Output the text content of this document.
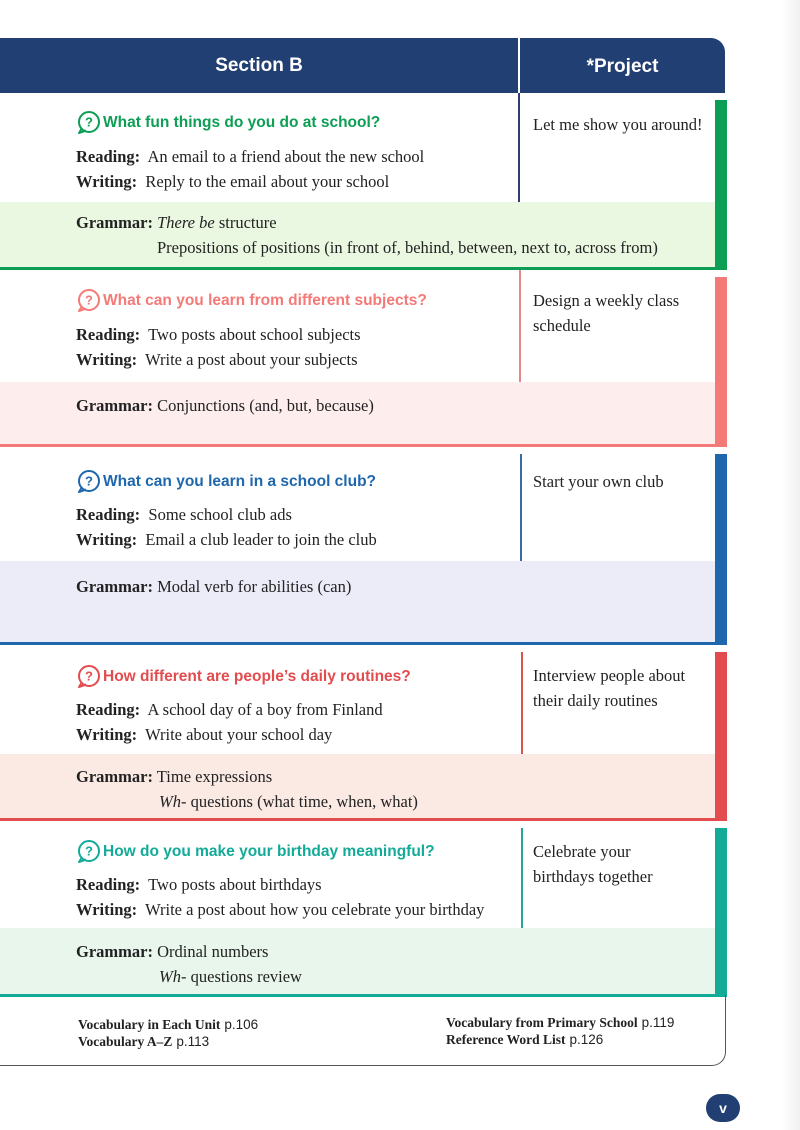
Section B	*Project
? What fun things do you do at school?
Reading: An email to a friend about the new school
Writing: Reply to the email about your school
Grammar: There be structure
Prepositions of positions (in front of, behind, between, next to, across from)
Let me show you around!
? What can you learn from different subjects?
Reading: Two posts about school subjects
Writing: Write a post about your subjects
Grammar: Conjunctions (and, but, because)
Design a weekly class
schedule
? What can you learn in a school club?
Reading: Some school club ads
Writing: Email a club leader to join the club
Grammar: Modal verb for abilities (can)
Start your own club
? How different are people’s daily routines?
Reading: A school day of a boy from Finland
Writing: Write about your school day
Grammar: Time expressions
Wh- questions (what time, when, what)
Interview people about
their daily routines
? How do you make your birthday meaningful?
Reading: Two posts about birthdays
Writing: Write a post about how you celebrate your birthday
Grammar: Ordinal numbers
Wh- questions review
Celebrate your
birthdays together
Vocabulary in Each Unit p.106
Vocabulary A–Z p.113
Vocabulary from Primary School p.119
Reference Word List p.126
v
